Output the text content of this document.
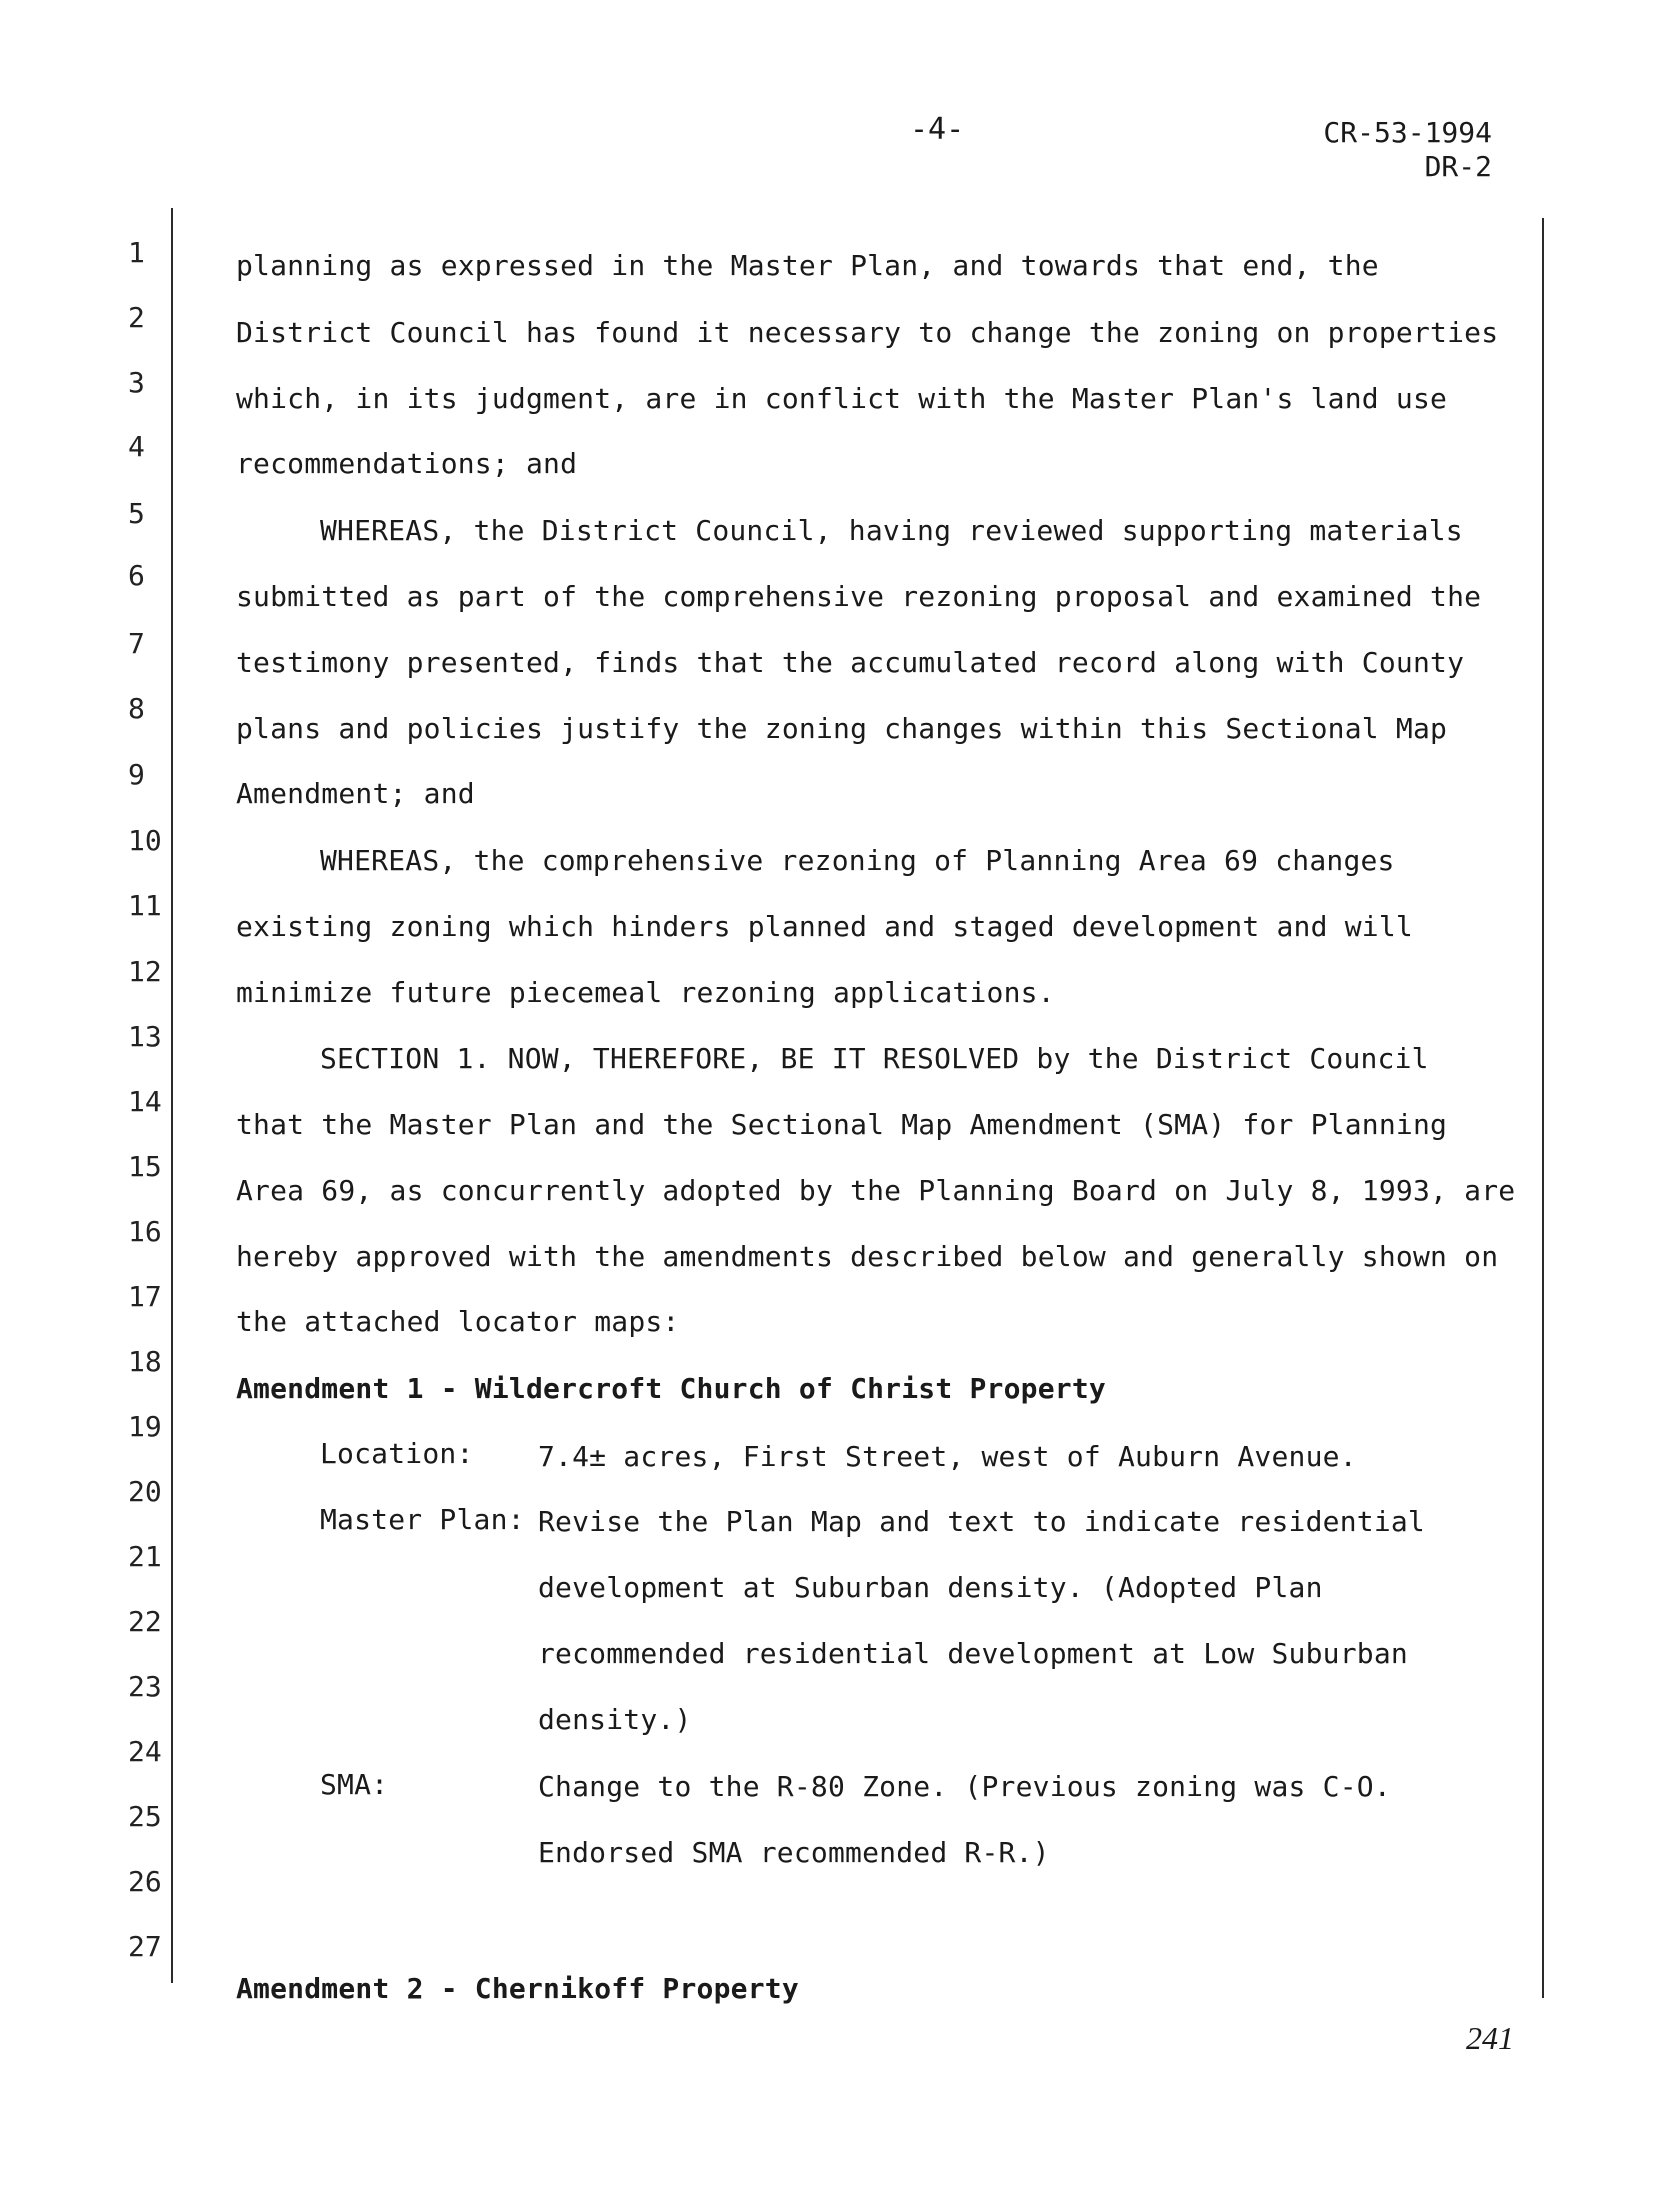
-4-	CR-53-1994
DR-2
1
2
3
4
5
6
7
8
9
10
11
12
13
14
15
16
17
18
19
20
21
22
23
24
25
26
27
planning as expressed in the Master Plan, and towards that end, the
District Council has found it necessary to change the zoning on properties
which, in its judgment, are in conflict with the Master Plan's land use
recommendations; and
WHEREAS, the District Council, having reviewed supporting materials
submitted as part of the comprehensive rezoning proposal and examined the
testimony presented, finds that the accumulated record along with County
plans and policies justify the zoning changes within this Sectional Map
Amendment; and
WHEREAS, the comprehensive rezoning of Planning Area 69 changes
existing zoning which hinders planned and staged development and will
minimize future piecemeal rezoning applications.
SECTION 1. NOW, THEREFORE, BE IT RESOLVED by the District Council
that the Master Plan and the Sectional Map Amendment (SMA) for Planning
Area 69, as concurrently adopted by the Planning Board on July 8, 1993, are
hereby approved with the amendments described below and generally shown on
the attached locator maps:
Amendment 1 - Wildercroft Church of Christ Property
Location: 7.4± acres, First Street, west of Auburn Avenue.
Master Plan: Revise the Plan Map and text to indicate residential
development at Suburban density. (Adopted Plan
recommended residential development at Low Suburban
density.)
SMA:	Change to the R-80 Zone. (Previous zoning was C-O.
Endorsed SMA recommended R-R.)
Amendment 2 - Chernikoff Property
241
